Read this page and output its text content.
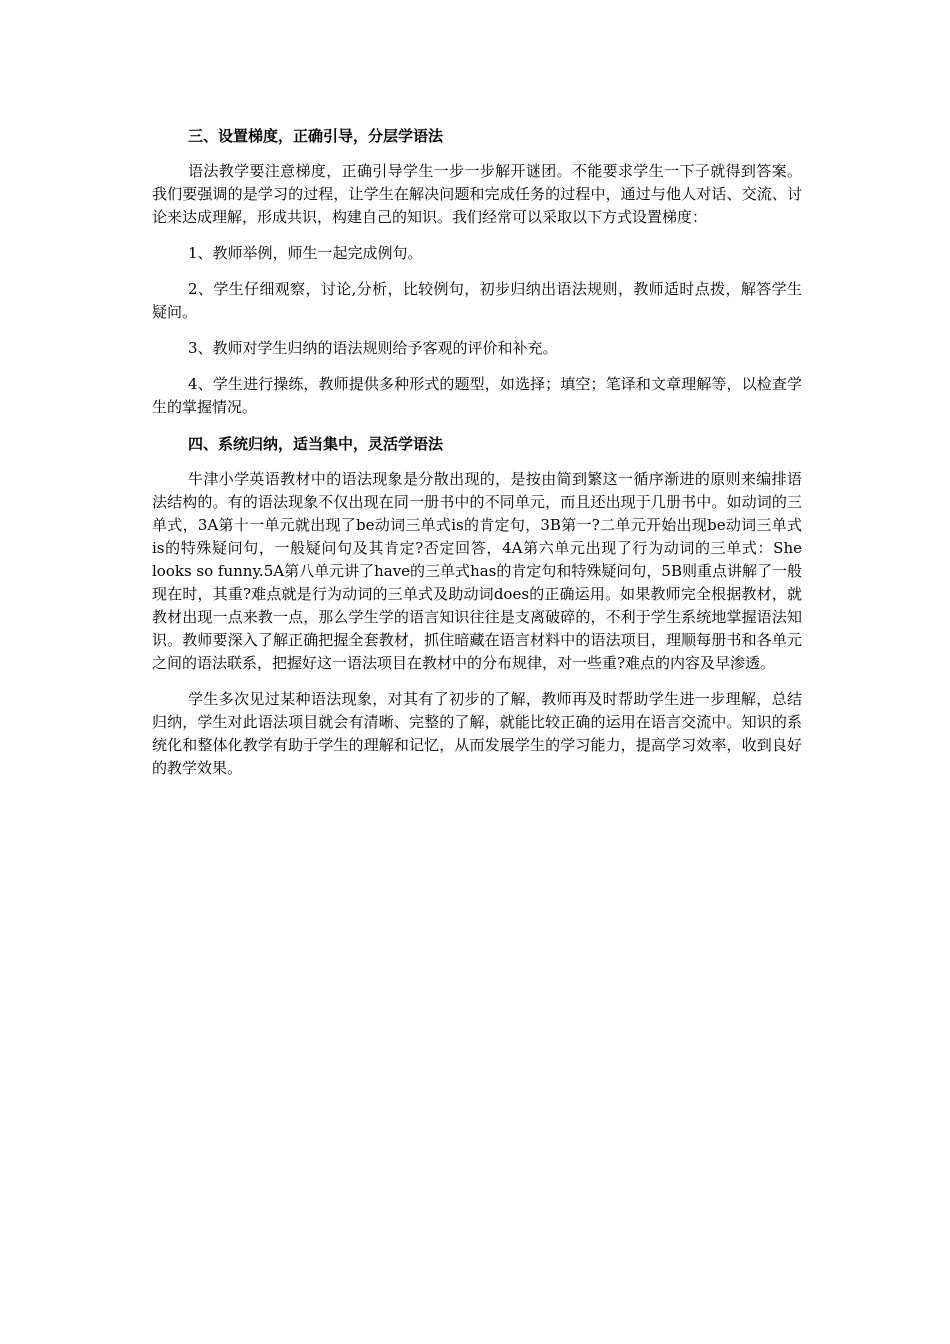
三、设置梯度，正确引导，分层学语法

语法教学要注意梯度，正确引导学生一步一步解开谜团。不能要求学生一下子就得到答案。我们要强调的是学习的过程，让学生在解决问题和完成任务的过程中，通过与他人对话、交流、讨论来达成理解，形成共识，构建自己的知识。我们经常可以采取以下方式设置梯度：

1、教师举例，师生一起完成例句。

2、学生仔细观察，讨论,分析，比较例句，初步归纳出语法规则，教师适时点拨，解答学生疑问。

3、教师对学生归纳的语法规则给予客观的评价和补充。

4、学生进行操练，教师提供多种形式的题型，如选择；填空；笔译和文章理解等，以检查学生的掌握情况。

四、系统归纳，适当集中，灵活学语法

牛津小学英语教材中的语法现象是分散出现的，是按由简到繁这一循序渐进的原则来编排语法结构的。有的语法现象不仅出现在同一册书中的不同单元，而且还出现于几册书中。如动词的三单式，3A第十一单元就出现了be动词三单式is的肯定句，3B第一?二单元开始出现be动词三单式is的特殊疑问句，一般疑问句及其肯定?否定回答，4A第六单元出现了行为动词的三单式：She looks so funny.5A第八单元讲了have的三单式has的肯定句和特殊疑问句，5B则重点讲解了一般现在时，其重?难点就是行为动词的三单式及助动词does的正确运用。如果教师完全根据教材，就教材出现一点来教一点，那么学生学的语言知识往往是支离破碎的，不利于学生系统地掌握语法知识。教师要深入了解正确把握全套教材，抓住暗藏在语言材料中的语法项目，理顺每册书和各单元之间的语法联系，把握好这一语法项目在教材中的分布规律，对一些重?难点的内容及早渗透。

学生多次见过某种语法现象，对其有了初步的了解，教师再及时帮助学生进一步理解，总结归纳，学生对此语法项目就会有清晰、完整的了解，就能比较正确的运用在语言交流中。知识的系统化和整体化教学有助于学生的理解和记忆，从而发展学生的学习能力，提高学习效率，收到良好的教学效果。
